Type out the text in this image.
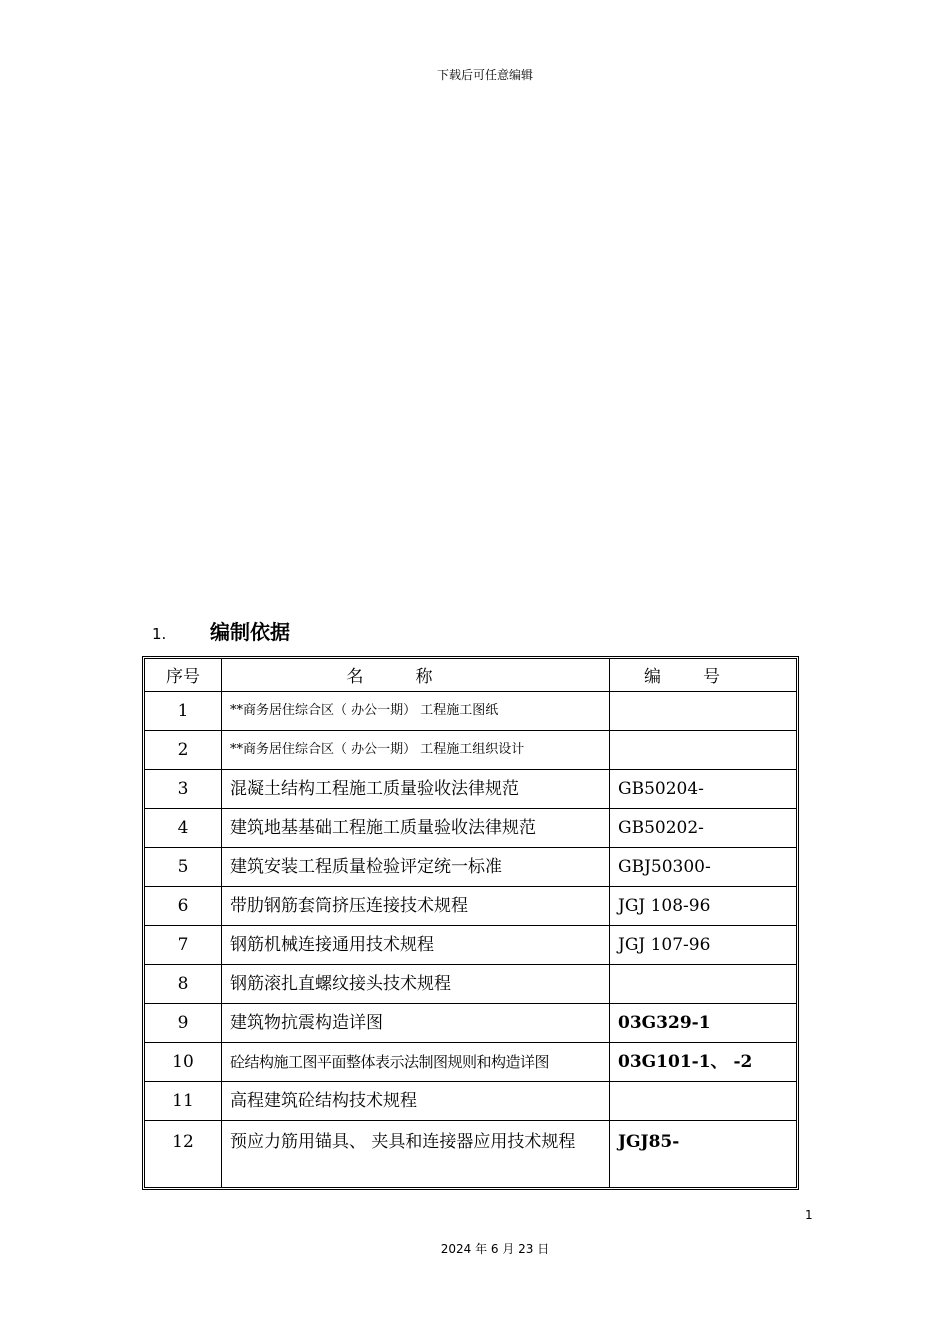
下载后可任意编辑
1.	编制依据
序号	名称	编号
1	**商务居住综合区（ 办公一期） 工程施工图纸	
2	**商务居住综合区（ 办公一期） 工程施工组织设计	
3	混凝土结构工程施工质量验收法律规范	GB50204-
4	建筑地基基础工程施工质量验收法律规范	GB50202-
5	建筑安装工程质量检验评定统一标准	GBJ50300-
6	带肋钢筋套筒挤压连接技术规程	JGJ 108-96
7	钢筋机械连接通用技术规程	JGJ 107-96
8	钢筋滚扎直螺纹接头技术规程	
9	建筑物抗震构造详图	03G329-1
10	砼结构施工图平面整体表示法制图规则和构造详图	03G101-1、 -2
11	高程建筑砼结构技术规程	
12	预应力筋用锚具、 夹具和连接器应用技术规程	JGJ85-
1
2024 年 6 月 23 日
